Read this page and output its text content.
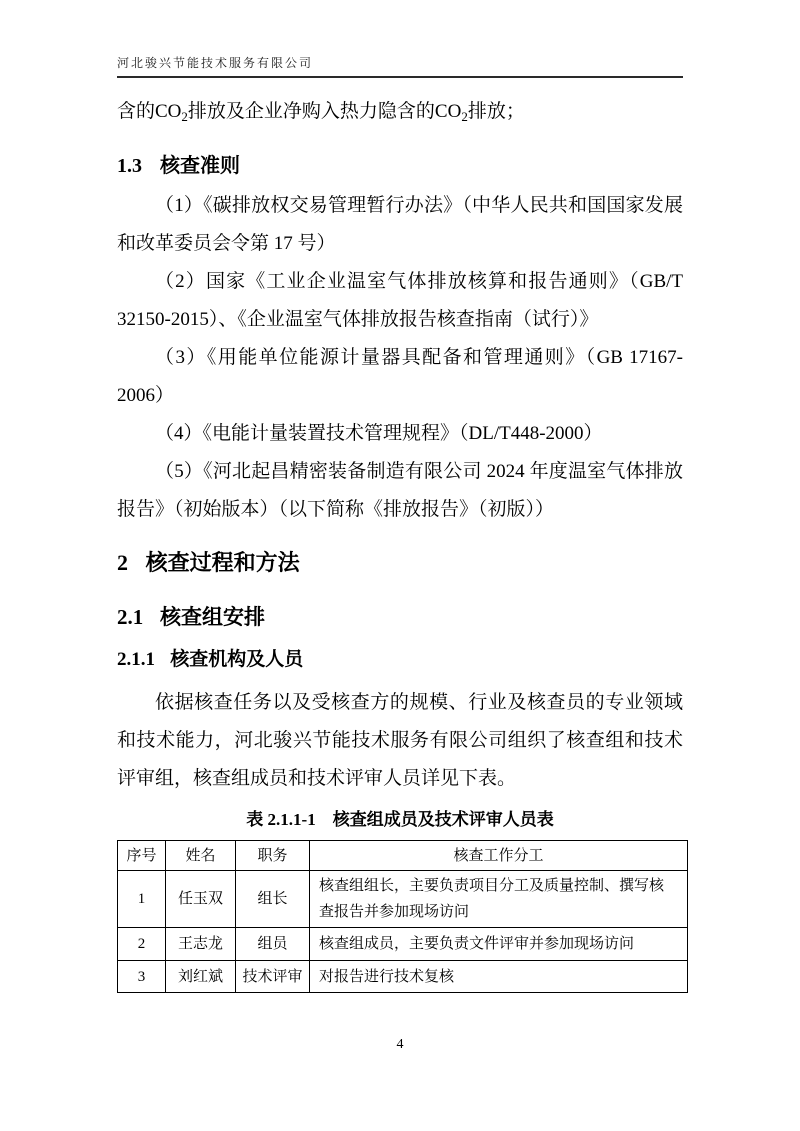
河北骏兴节能技术服务有限公司

含的$CO_2$排放及企业净购入热力隐含的$CO_2$排放；

1.3 核查准则

（1）《碳排放权交易管理暂行办法》（中华人民共和国国家发展和改革委员会令第 17 号）

（2）国家《工业企业温室气体排放核算和报告通则》（GB/T 32150-2015）、《企业温室气体排放报告核查指南（试行）》

（3）《用能单位能源计量器具配备和管理通则》（GB 17167-2006）

（4）《电能计量装置技术管理规程》（DL/T448-2000）

（5）《河北起昌精密装备制造有限公司 2024 年度温室气体排放报告》（初始版本）（以下简称《排放报告》（初版））

2 核查过程和方法
2.1 核查组安排
2.1.1 核查机构及人员

依据核查任务以及受核查方的规模、行业及核查员的专业领域和技术能力，河北骏兴节能技术服务有限公司组织了核查组和技术评审组，核查组成员和技术评审人员详见下表。

表 2.1.1-1　核查组成员及技术评审人员表
序号	姓名	职务	核查工作分工
1	任玉双	组长	核查组组长，主要负责项目分工及质量控制、撰写核查报告并参加现场访问
2	王志龙	组员	核查组成员，主要负责文件评审并参加现场访问
3	刘红斌	技术评审	对报告进行技术复核
4
